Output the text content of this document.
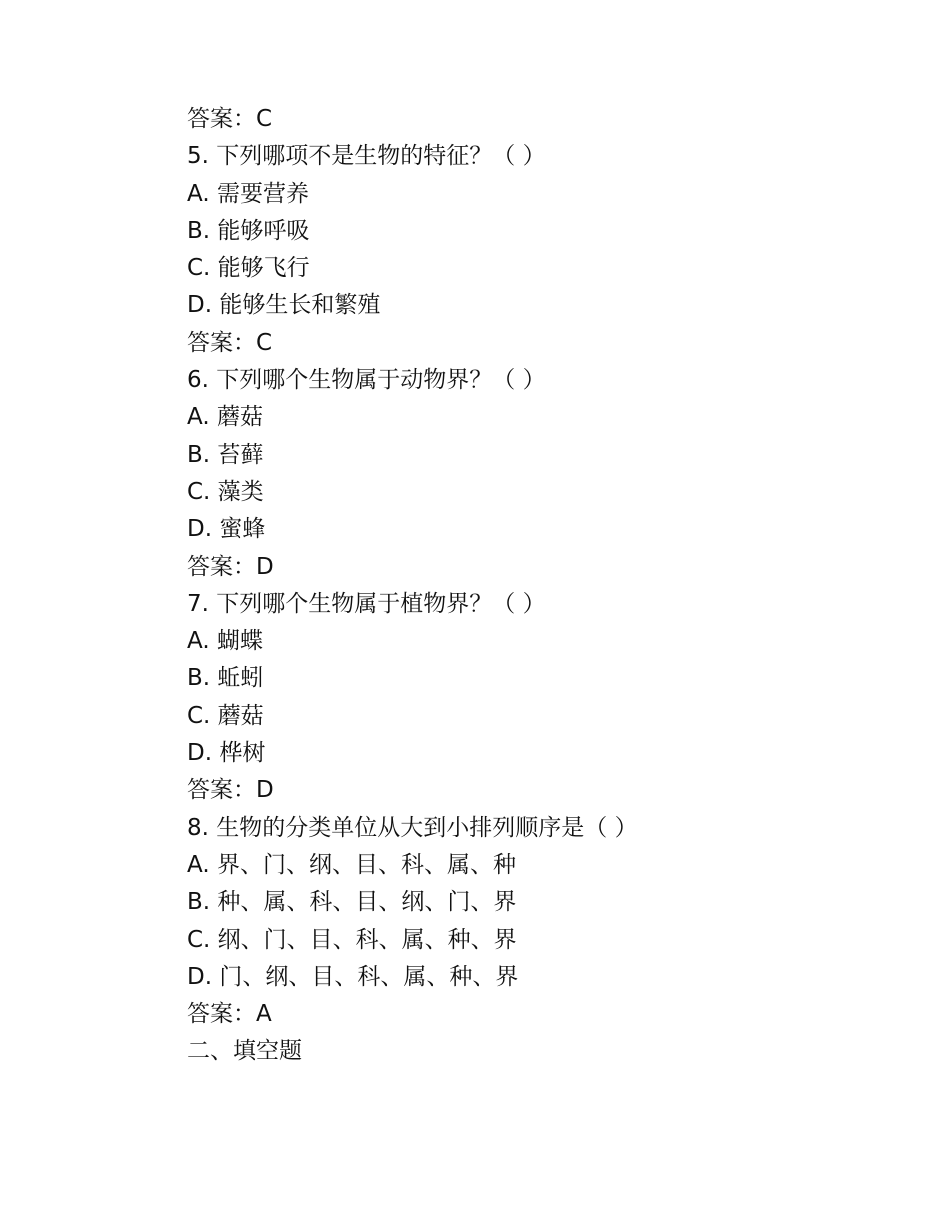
答案：C
5. 下列哪项不是生物的特征？（ ）
A. 需要营养
B. 能够呼吸
C. 能够飞行
D. 能够生长和繁殖
答案：C
6. 下列哪个生物属于动物界？（ ）
A. 蘑菇
B. 苔藓
C. 藻类
D. 蜜蜂
答案：D
7. 下列哪个生物属于植物界？（ ）
A. 蝴蝶
B. 蚯蚓
C. 蘑菇
D. 桦树
答案：D
8. 生物的分类单位从大到小排列顺序是（ ）
A. 界、门、纲、目、科、属、种
B. 种、属、科、目、纲、门、界
C. 纲、门、目、科、属、种、界
D. 门、纲、目、科、属、种、界
答案：A
二、填空题
